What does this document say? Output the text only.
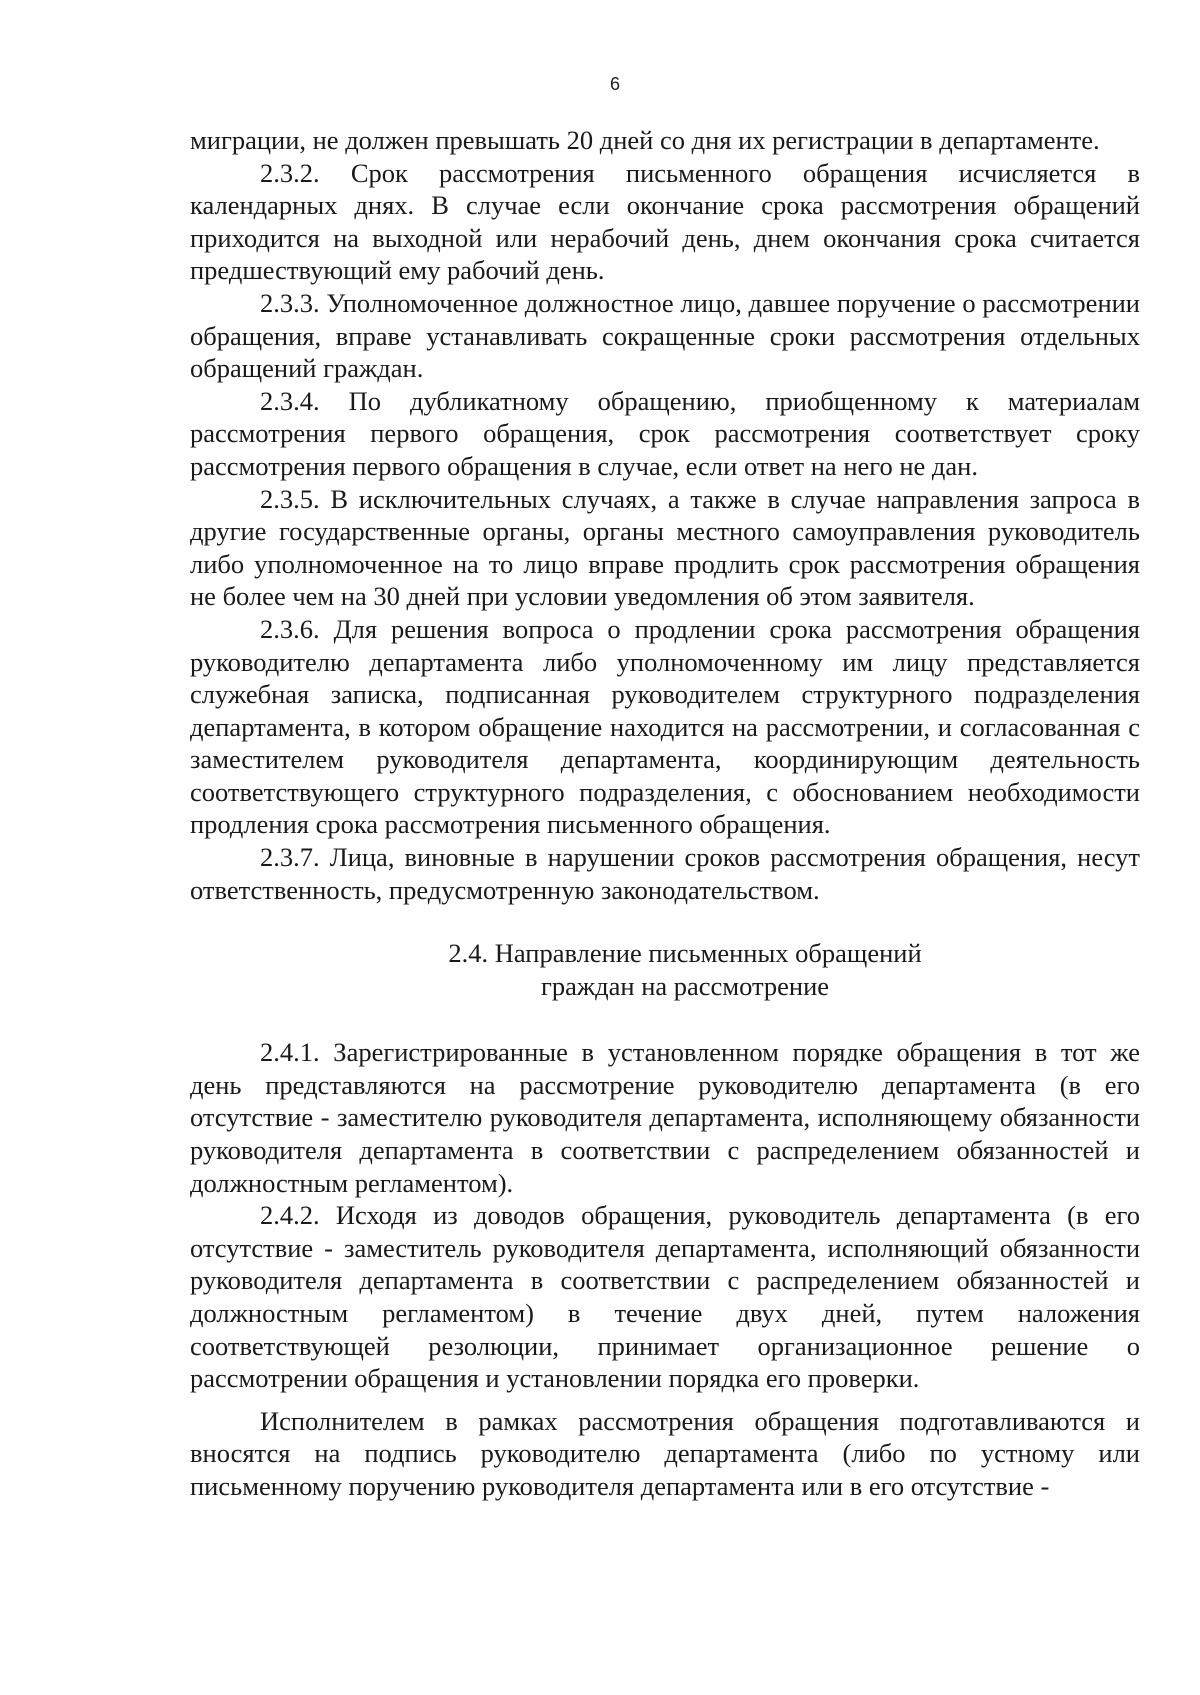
6

миграции, не должен превышать 20 дней со дня их регистрации в департаменте.

2.3.2. Срок рассмотрения письменного обращения исчисляется в календарных днях. В случае если окончание срока рассмотрения обращений приходится на выходной или нерабочий день, днем окончания срока считается предшествующий ему рабочий день.

2.3.3. Уполномоченное должностное лицо, давшее поручение о рассмотрении обращения, вправе устанавливать сокращенные сроки рассмотрения отдельных обращений граждан.

2.3.4. По дубликатному обращению, приобщенному к материалам рассмотрения первого обращения, срок рассмотрения соответствует сроку рассмотрения первого обращения в случае, если ответ на него не дан.

2.3.5. В исключительных случаях, а также в случае направления запроса в другие государственные органы, органы местного самоуправления руководитель либо уполномоченное на то лицо вправе продлить срок рассмотрения обращения не более чем на 30 дней при условии уведомления об этом заявителя.

2.3.6. Для решения вопроса о продлении срока рассмотрения обращения руководителю департамента либо уполномоченному им лицу представляется служебная записка, подписанная руководителем структурного подразделения департамента, в котором обращение находится на рассмотрении, и согласованная с заместителем руководителя департамента, координирующим деятельность соответствующего структурного подразделения, с обоснованием необходимости продления срока рассмотрения письменного обращения.

2.3.7. Лица, виновные в нарушении сроков рассмотрения обращения, несут ответственность, предусмотренную законодательством.

2.4. Направление письменных обращений
граждан на рассмотрение

2.4.1. Зарегистрированные в установленном порядке обращения в тот же день представляются на рассмотрение руководителю департамента (в его отсутствие - заместителю руководителя департамента, исполняющему обязанности руководителя департамента в соответствии с распределением обязанностей и должностным регламентом).

2.4.2. Исходя из доводов обращения, руководитель департамента (в его отсутствие - заместитель руководителя департамента, исполняющий обязанности руководителя департамента в соответствии с распределением обязанностей и должностным регламентом) в течение двух дней, путем наложения соответствующей резолюции, принимает организационное решение о рассмотрении обращения и установлении порядка его проверки.

Исполнителем в рамках рассмотрения обращения подготавливаются и вносятся на подпись руководителю департамента (либо по устному или письменному поручению руководителя департамента или в его отсутствие -
